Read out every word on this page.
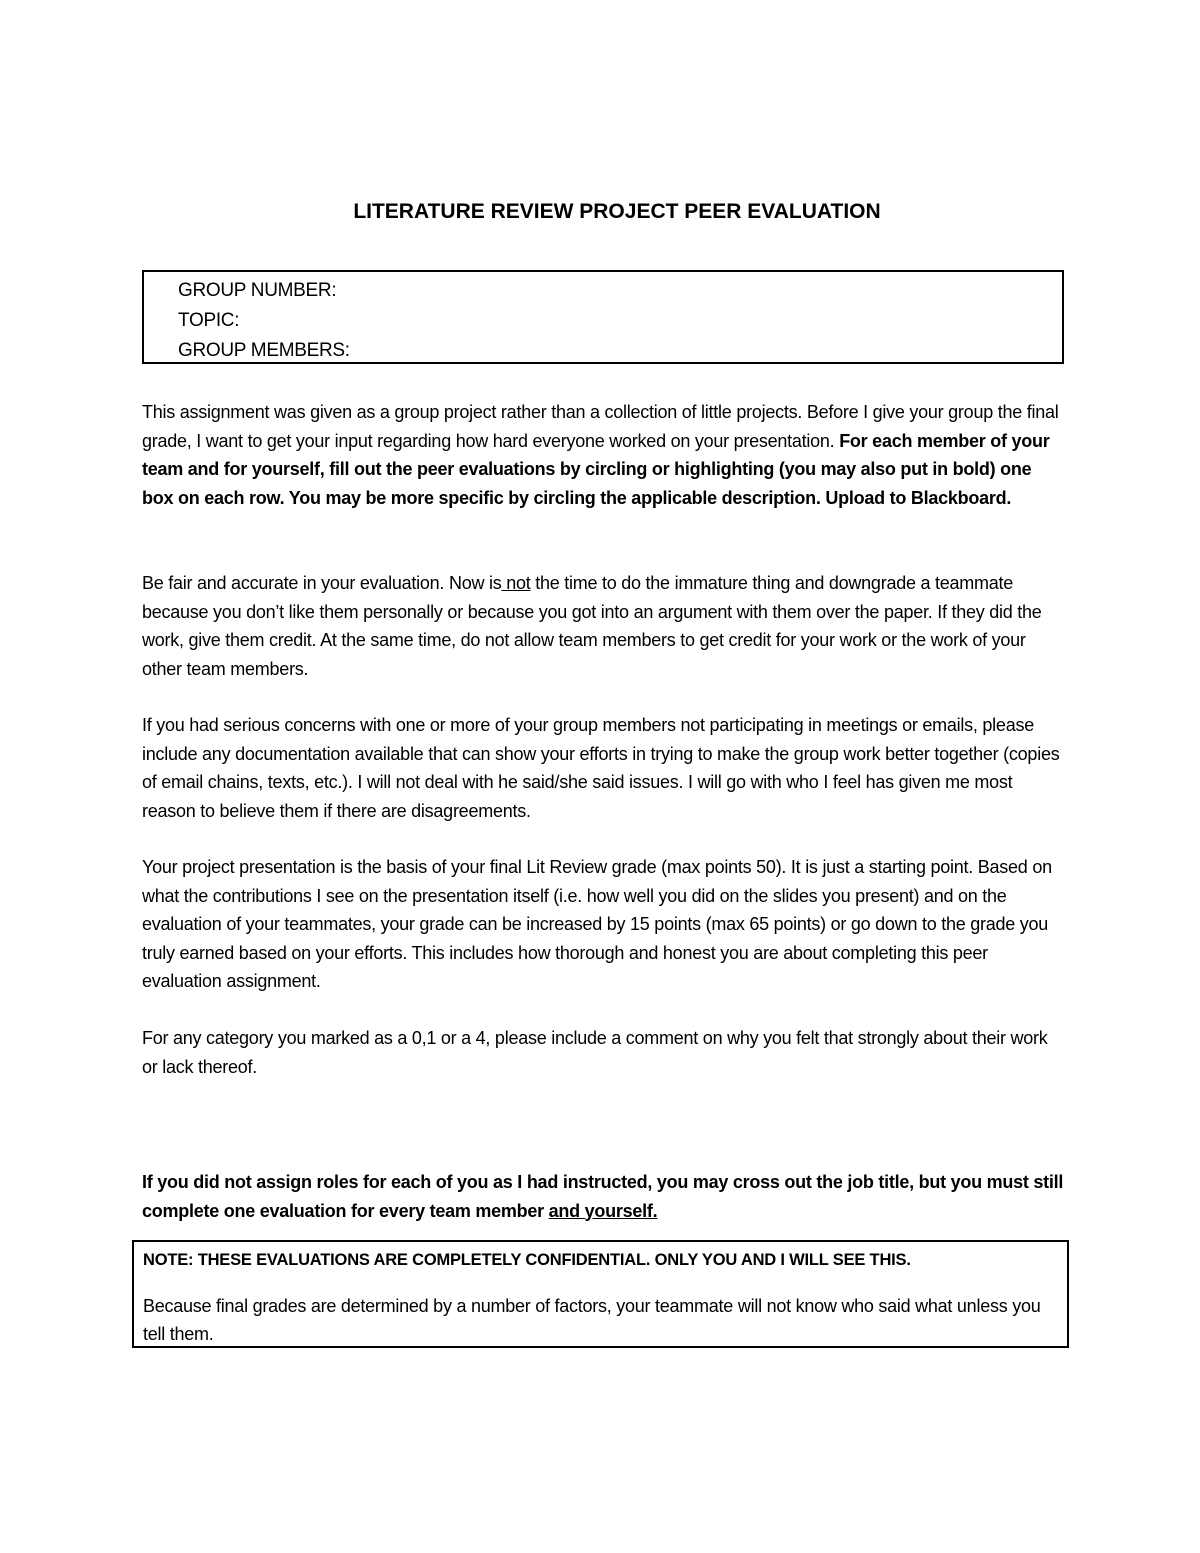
LITERATURE REVIEW PROJECT PEER EVALUATION
GROUP NUMBER:
TOPIC:
GROUP MEMBERS:

This assignment was given as a group project rather than a collection of little projects. Before I give your group the final grade, I want to get your input regarding how hard everyone worked on your presentation. For each member of your team and for yourself, fill out the peer evaluations by circling or highlighting (you may also put in bold) one box on each row. You may be more specific by circling the applicable description. Upload to Blackboard.

Be fair and accurate in your evaluation. Now is not the time to do the immature thing and downgrade a teammate because you don’t like them personally or because you got into an argument with them over the paper. If they did the work, give them credit. At the same time, do not allow team members to get credit for your work or the work of your other team members.

If you had serious concerns with one or more of your group members not participating in meetings or emails, please include any documentation available that can show your efforts in trying to make the group work better together (copies of email chains, texts, etc.). I will not deal with he said/she said issues. I will go with who I feel has given me most reason to believe them if there are disagreements.

Your project presentation is the basis of your final Lit Review grade (max points 50). It is just a starting point. Based on what the contributions I see on the presentation itself (i.e. how well you did on the slides you present) and on the evaluation of your teammates, your grade can be increased by 15 points (max 65 points) or go down to the grade you truly earned based on your efforts. This includes how thorough and honest you are about completing this peer evaluation assignment.

For any category you marked as a 0,1 or a 4, please include a comment on why you felt that strongly about their work or lack thereof.

If you did not assign roles for each of you as I had instructed, you may cross out the job title, but you must still complete one evaluation for every team member and yourself.

NOTE: THESE EVALUATIONS ARE COMPLETELY CONFIDENTIAL. ONLY YOU AND I WILL SEE THIS.
Because final grades are determined by a number of factors, your teammate will not know who said what unless you tell them.
